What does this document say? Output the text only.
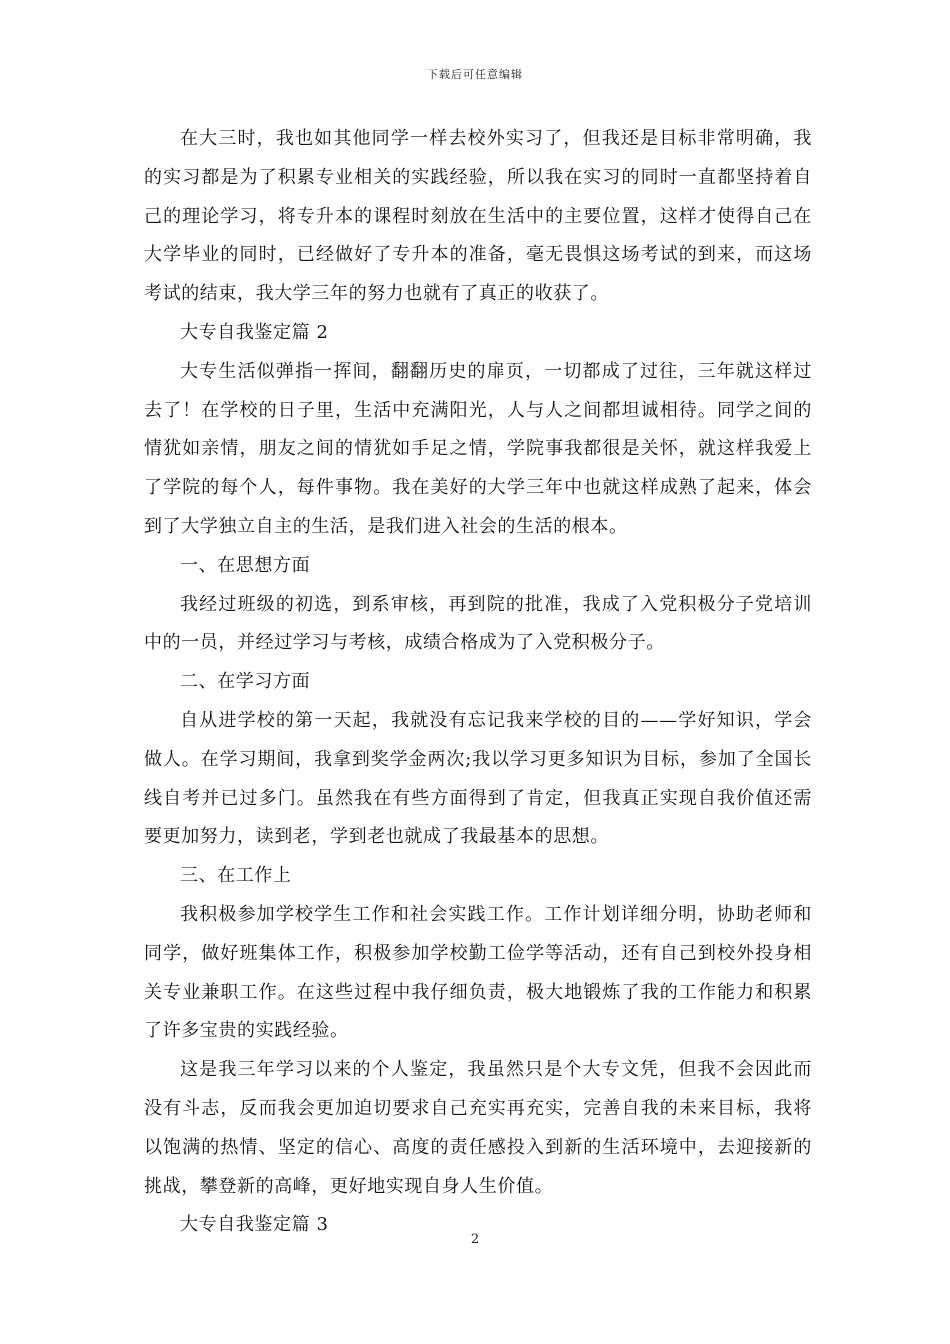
下载后可任意编辑

在大三时，我也如其他同学一样去校外实习了，但我还是目标非常明确，我的实习都是为了积累专业相关的实践经验，所以我在实习的同时一直都坚持着自己的理论学习，将专升本的课程时刻放在生活中的主要位置，这样才使得自己在大学毕业的同时，已经做好了专升本的准备，毫无畏惧这场考试的到来，而这场考试的结束，我大学三年的努力也就有了真正的收获了。

大专自我鉴定篇 2

大专生活似弹指一挥间，翻翻历史的扉页，一切都成了过往，三年就这样过去了！在学校的日子里，生活中充满阳光，人与人之间都坦诚相待。同学之间的情犹如亲情，朋友之间的情犹如手足之情，学院事我都很是关怀，就这样我爱上了学院的每个人，每件事物。我在美好的大学三年中也就这样成熟了起来，体会到了大学独立自主的生活，是我们进入社会的生活的根本。

一、在思想方面

我经过班级的初选，到系审核，再到院的批准，我成了入党积极分子党培训中的一员，并经过学习与考核，成绩合格成为了入党积极分子。

二、在学习方面

自从进学校的第一天起，我就没有忘记我来学校的目的——学好知识，学会做人。在学习期间，我拿到奖学金两次;我以学习更多知识为目标，参加了全国长线自考并已过多门。虽然我在有些方面得到了肯定，但我真正实现自我价值还需要更加努力，读到老，学到老也就成了我最基本的思想。

三、在工作上

我积极参加学校学生工作和社会实践工作。工作计划详细分明，协助老师和同学，做好班集体工作，积极参加学校勤工俭学等活动，还有自己到校外投身相关专业兼职工作。在这些过程中我仔细负责，极大地锻炼了我的工作能力和积累了许多宝贵的实践经验。

这是我三年学习以来的个人鉴定，我虽然只是个大专文凭，但我不会因此而没有斗志，反而我会更加迫切要求自己充实再充实，完善自我的未来目标，我将以饱满的热情、坚定的信心、高度的责任感投入到新的生活环境中，去迎接新的挑战，攀登新的高峰，更好地实现自身人生价值。

大专自我鉴定篇 3

2
